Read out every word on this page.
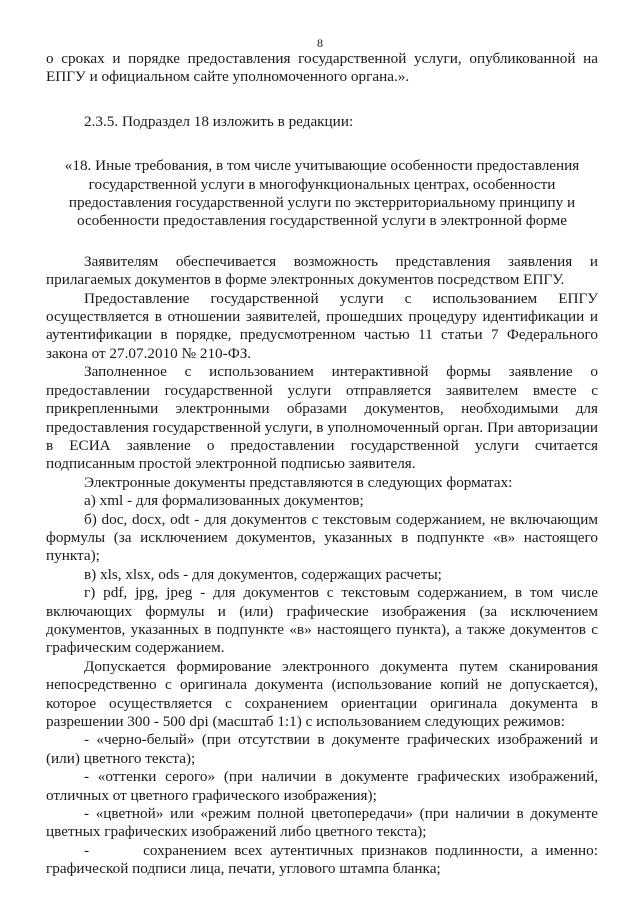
8

о сроках и порядке предоставления государственной услуги, опубликованной на ЕПГУ и официальном сайте уполномоченного органа.».

2.3.5. Подраздел 18 изложить в редакции:

«18. Иные требования, в том числе учитывающие особенности предоставления государственной услуги в многофункциональных центрах, особенности предоставления государственной услуги по экстерриториальному принципу и особенности предоставления государственной услуги в электронной форме

Заявителям обеспечивается возможность представления заявления и прилагаемых документов в форме электронных документов посредством ЕПГУ.

Предоставление государственной услуги с использованием ЕПГУ осуществляется в отношении заявителей, прошедших процедуру идентификации и аутентификации в порядке, предусмотренном частью 11 статьи 7 Федерального закона от 27.07.2010 № 210-ФЗ.

Заполненное с использованием интерактивной формы заявление о предоставлении государственной услуги отправляется заявителем вместе с прикрепленными электронными образами документов, необходимыми для предоставления государственной услуги, в уполномоченный орган. При авторизации в ЕСИА заявление о предоставлении государственной услуги считается подписанным простой электронной подписью заявителя.

Электронные документы представляются в следующих форматах:

а) xml - для формализованных документов;

б) doc, docx, odt - для документов с текстовым содержанием, не включающим формулы (за исключением документов, указанных в подпункте «в» настоящего пункта);

в) xls, xlsx, ods - для документов, содержащих расчеты;

г) pdf, jpg, jpeg - для документов с текстовым содержанием, в том числе включающих формулы и (или) графические изображения (за исключением документов, указанных в подпункте «в» настоящего пункта), а также документов с графическим содержанием.

Допускается формирование электронного документа путем сканирования непосредственно с оригинала документа (использование копий не допускается), которое осуществляется с сохранением ориентации оригинала документа в разрешении 300 - 500 dpi (масштаб 1:1) с использованием следующих режимов:

- «черно-белый» (при отсутствии в документе графических изображений и (или) цветного текста);

- «оттенки серого» (при наличии в документе графических изображений, отличных от цветного графического изображения);

- «цветной» или «режим полной цветопередачи» (при наличии в документе цветных графических изображений либо цветного текста);

-       сохранением всех аутентичных признаков подлинности, а именно: графической подписи лица, печати, углового штампа бланка;
